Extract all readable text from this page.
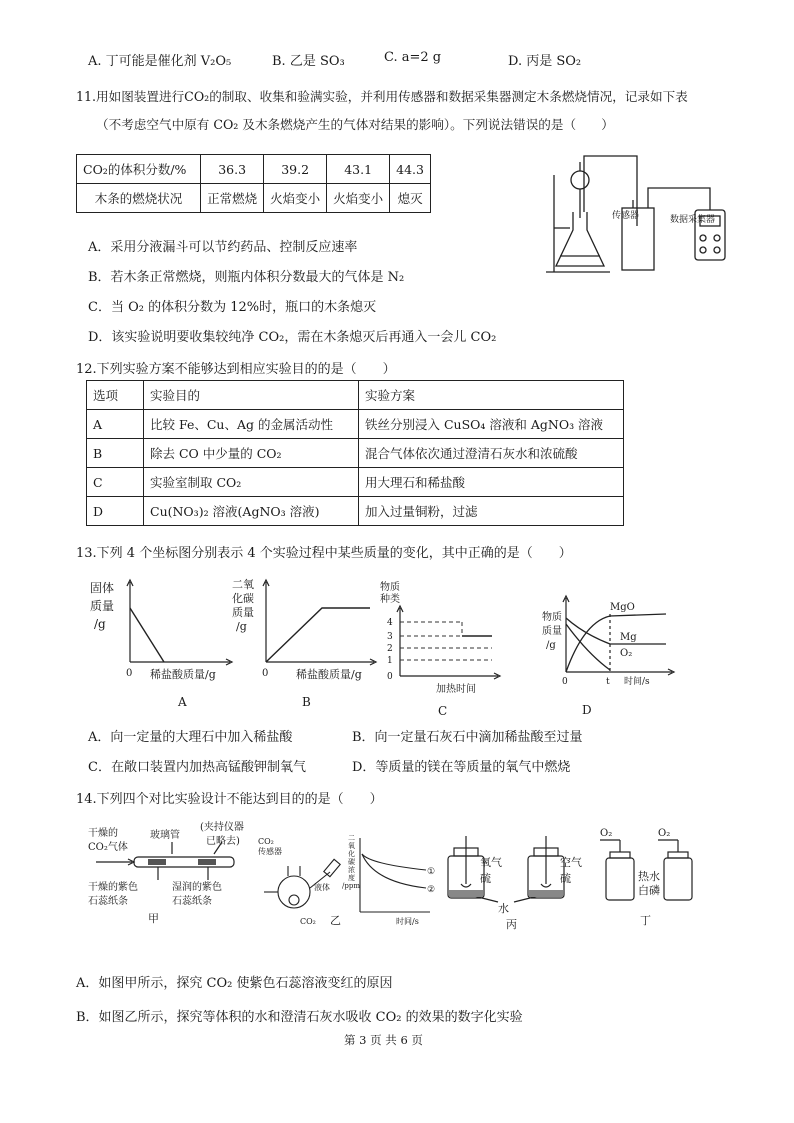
A. 丁可能是催化剂 V₂O₅	B. 乙是 SO₃	C. a=2 g	D. 丙是 SO₂
11.用如图装置进行CO₂的制取、收集和验满实验，并利用传感器和数据采集器测定木条燃烧情况，记录如下表
（不考虑空气中原有 CO₂ 及木条燃烧产生的气体对结果的影响）。下列说法错误的是（　　）
CO₂的体积分数/%	36.3	39.2	43.1	44.3
木条的燃烧状况	正常燃烧	火焰变小	火焰变小	熄灭
传感器	数据采集器
A．采用分液漏斗可以节约药品、控制反应速率
B．若木条正常燃烧，则瓶内体积分数最大的气体是 N₂
C．当 O₂ 的体积分数为 12%时，瓶口的木条熄灭
D．该实验说明要收集较纯净 CO₂，需在木条熄灭后再通入一会儿 CO₂
12.下列实验方案不能够达到相应实验目的的是（　　）
选项	实验目的	实验方案
A	比较 Fe、Cu、Ag 的金属活动性	铁丝分别浸入 CuSO₄ 溶液和 AgNO₃ 溶液
B	除去 CO 中少量的 CO₂	混合气体依次通过澄清石灰水和浓硫酸
C	实验室制取 CO₂	用大理石和稀盐酸
D	Cu(NO₃)₂ 溶液(AgNO₃ 溶液)	加入过量铜粉，过滤
13.下列 4 个坐标图分别表示 4 个实验过程中某些质量的变化，其中正确的是（　　）
固体
质量
/g
0 稀盐酸质量/g
A
二氧
化碳
质量
/g
0	稀盐酸质量/g
B
物质
种类
4
3
2
1
0
加热时间
C
物质
质量
/g
MgO
Mg
O₂
0	t 时间/s
D
A．向一定量的大理石中加入稀盐酸	B．向一定量石灰石中滴加稀盐酸至过量
C．在敞口装置内加热高锰酸钾制氧气	D．等质量的镁在等质量的氧气中燃烧
14.下列四个对比实验设计不能达到目的的是（　　）
干燥的
CO₂气体
玻璃管
(夹持仪器
已略去)
干燥的紫色
石蕊纸条
湿润的紫色
石蕊纸条
甲
CO₂
传感器
液体
CO₂
二
氧
化
碳
浓
度
/ppm
①
②
时间/s
乙
氧气
硫
空气
硫
水
丙
O₂	O₂
热水
白磷
丁
A．如图甲所示，探究 CO₂ 使紫色石蕊溶液变红的原因
B．如图乙所示，探究等体积的水和澄清石灰水吸收 CO₂ 的效果的数字化实验
第 3 页 共 6 页
